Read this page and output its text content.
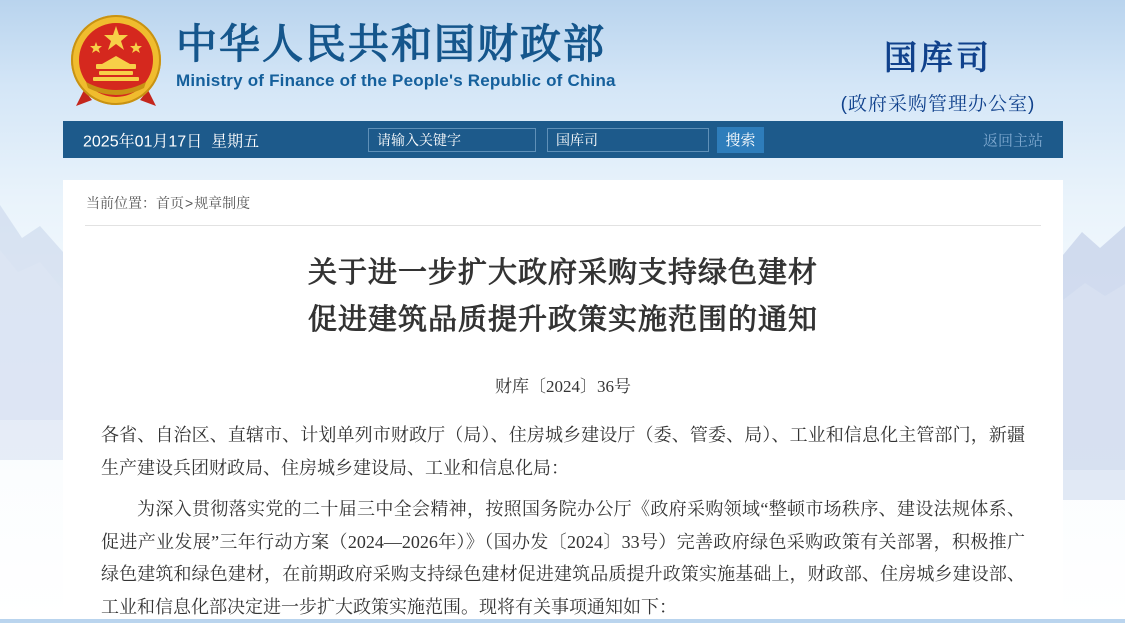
中华人民共和国财政部
Ministry of Finance of the People's Republic of China
国库司
(政府采购管理办公室)
2025年01月17日  星期五
请输入关键字	国库司	搜索	返回主站
当前位置： 首页 > 规章制度
关于进一步扩大政府采购支持绿色建材
促进建筑品质提升政策实施范围的通知
财库〔2024〕36号

各省、自治区、直辖市、计划单列市财政厅（局）、住房城乡建设厅（委、管委、局）、工业和信息化主管部门，新疆生产建设兵团财政局、住房城乡建设局、工业和信息化局：

为深入贯彻落实党的二十届三中全会精神，按照国务院办公厅《政府采购领域“整顿市场秩序、建设法规体系、促进产业发展”三年行动方案（2024—2026年）》（国办发〔2024〕33号）完善政府绿色采购政策有关部署，积极推广绿色建筑和绿色建材，在前期政府采购支持绿色建材促进建筑品质提升政策实施基础上，财政部、住房城乡建设部、工业和信息化部决定进一步扩大政策实施范围。现将有关事项通知如下：
